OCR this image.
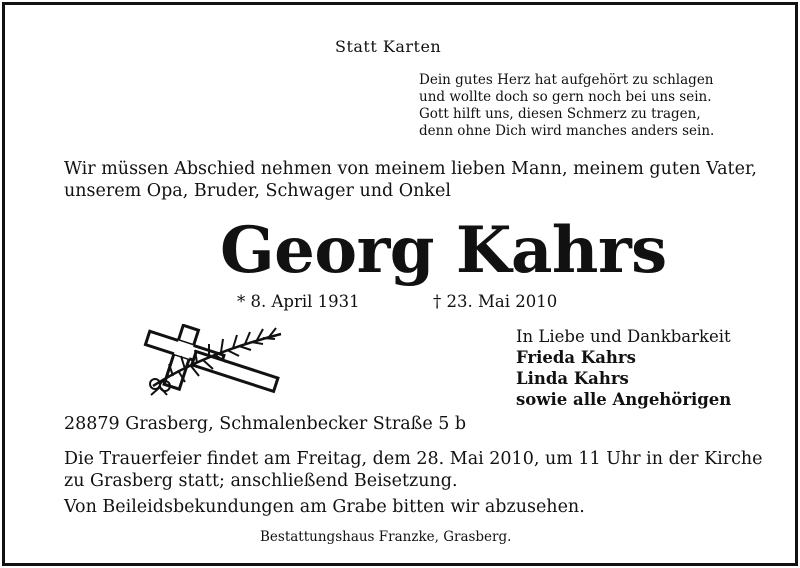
Statt Karten

Dein gutes Herz hat aufgehört zu schlagen
und wollte doch so gern noch bei uns sein.
Gott hilft uns, diesen Schmerz zu tragen,
denn ohne Dich wird manches anders sein.
Wir müssen Abschied nehmen von meinem lieben Mann, meinem guten Vater,
unserem Opa, Bruder, Schwager und Onkel

Georg Kahrs

* 8. April 1931	† 23. Mai 2010

In Liebe und Dankbarkeit
Frieda Kahrs
Linda Kahrs
sowie alle Angehörigen

28879 Grasberg, Schmalenbecker Straße 5 b

Die Trauerfeier findet am Freitag, dem 28. Mai 2010, um 11 Uhr in der Kirche
zu Grasberg statt; anschließend Beisetzung.

Von Beileidsbekundungen am Grabe bitten wir abzusehen.

Bestattungshaus Franzke, Grasberg.
